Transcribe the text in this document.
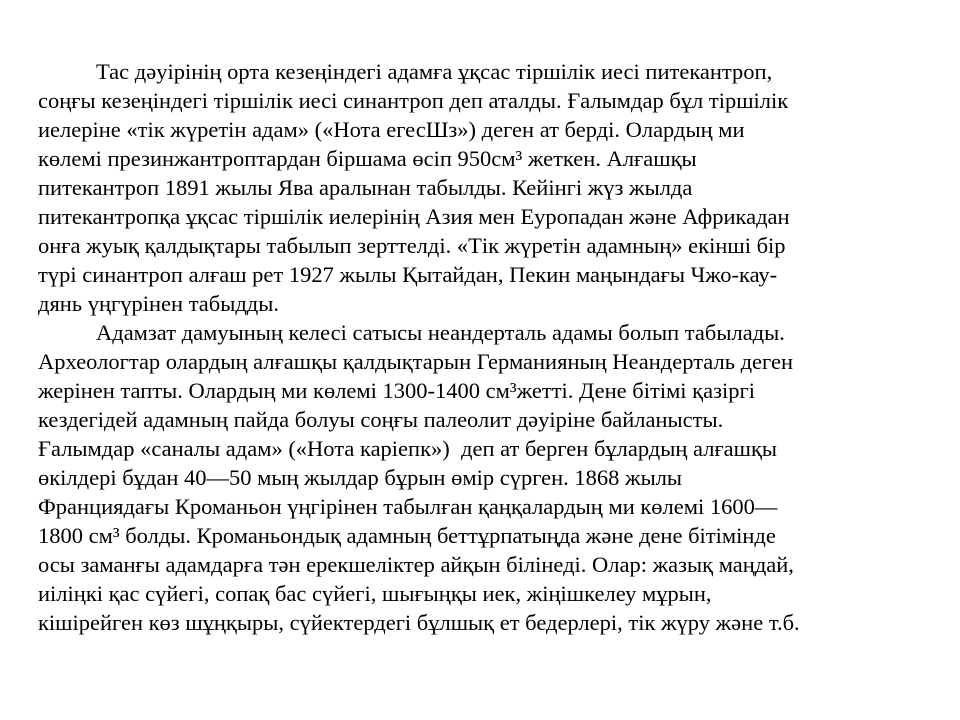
Тас дәуірінің орта кезеңіндегі адамға ұқсас тіршілік иесі питекантроп,
соңғы кезеңіндегі тіршілік иесі синантроп деп аталды. Ғалымдар бұл тіршілік
иелеріне «тік жүретін адам» («Нота егесШз») деген ат берді. Олардың ми
көлемі презинжантроптардан біршама өсіп 950см³ жеткен. Алғашқы
питекантроп 1891 жылы Ява аралынан табылды. Кейінгі жүз жылда
питекантропқа ұқсас тіршілік иелерінің Азия мен Еуропадан және Африкадан
онға жуық қалдықтары табылып зерттелді. «Тік жүретін адамның» екінші бір
түрі синантроп алғаш рет 1927 жылы Қытайдан, Пекин маңындағы Чжо-кау-
дянь үңгүрінен табыдды.
Адамзат дамуының келесі сатысы неандерталь адамы болып табылады.
Археологтар олардың алғашқы қалдықтарын Германияның Неандерталь деген
жерінен тапты. Олардың ми көлемі 1300-1400 см³жетті. Дене бітімі қазіргі
кездегідей адамның пайда болуы соңғы палеолит дәуіріне байланысты.
Ғалымдар «саналы адам» («Нота каріепк»)  деп ат берген бұлардың алғашқы
өкілдері бұдан 40—50 мың жылдар бұрын өмір сүрген. 1868 жылы
Франциядағы Кроманьон үңгірінен табылған қаңқалардың ми көлемі 1600—
1800 см³ болды. Кроманьондық адамның беттұрпатыңда және дене бітімінде
осы заманғы адамдарға тән ерекшеліктер айқын білінеді. Олар: жазық маңдай,
иіліңкі қас сүйегі, сопақ бас сүйегі, шығыңқы иек, жіңішкелеу мұрын,
кішірейген көз шұңқыры, сүйектердегі бұлшық ет бедерлері, тік жүру және т.б.
